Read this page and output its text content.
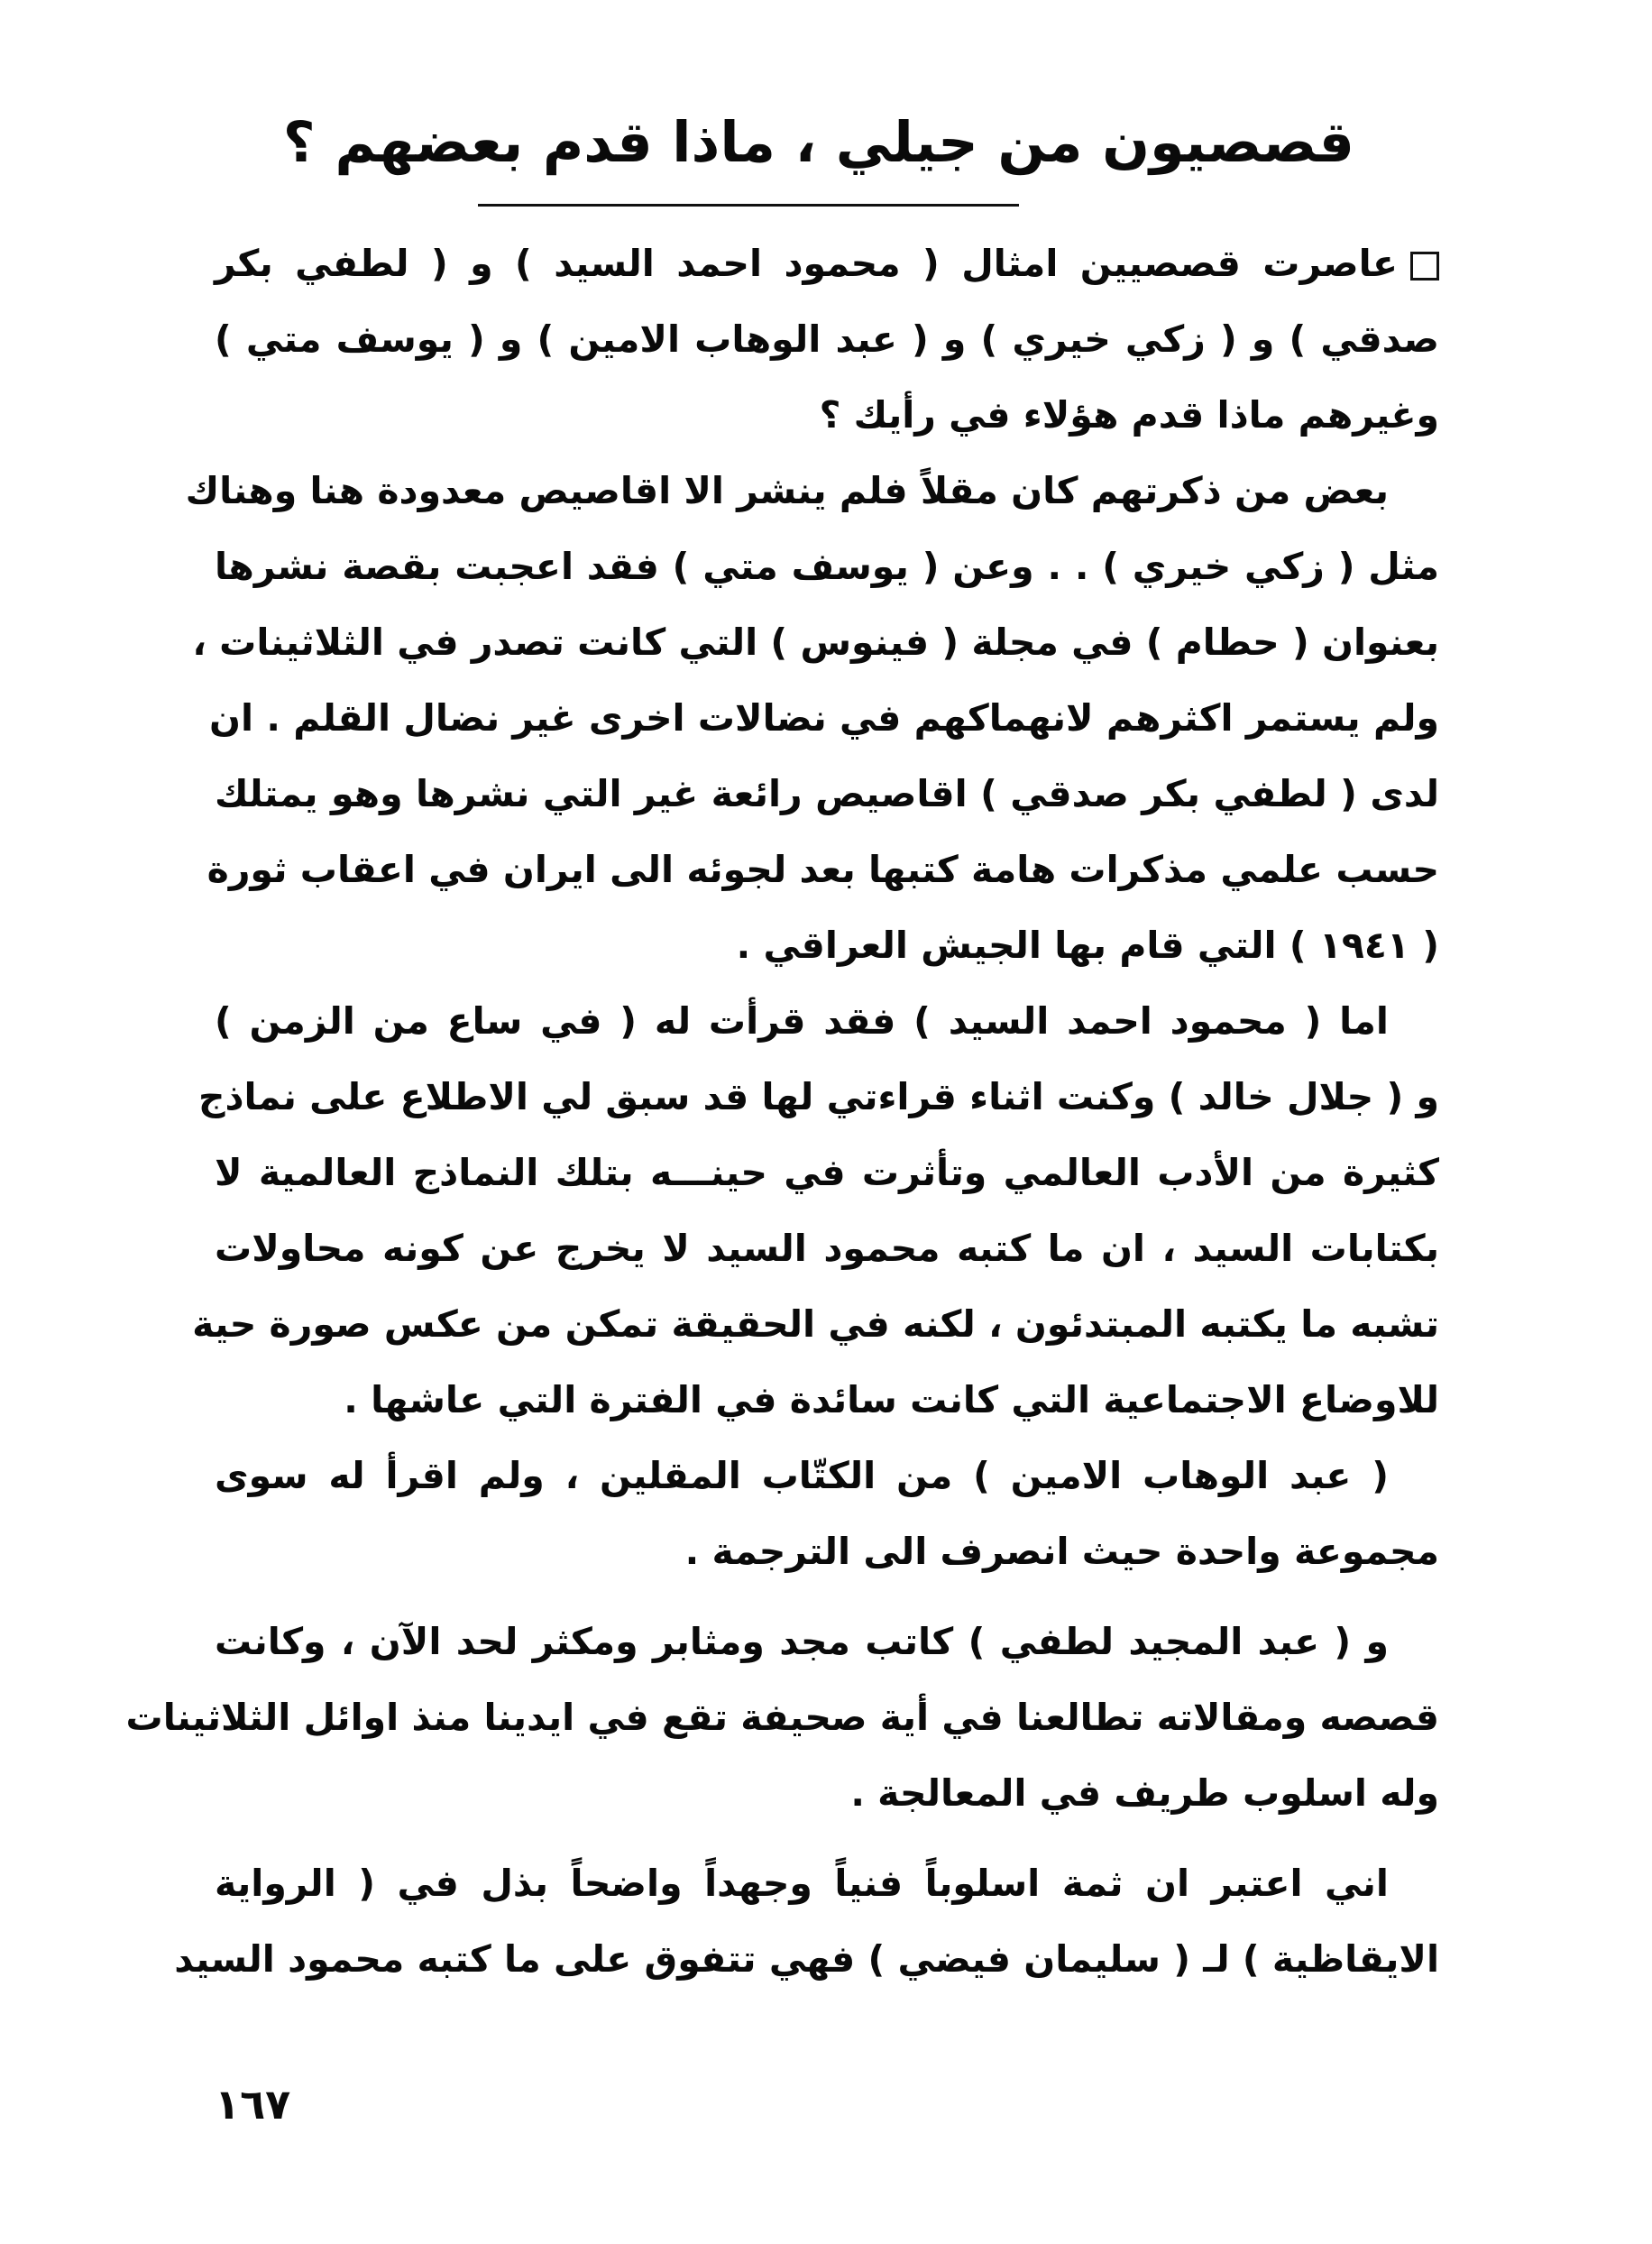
قصصيون من جيلي ، ماذا قدم بعضهم ؟
عاصرت قصصيين امثال ( محمود احمد السيد ) و ( لطفي بكر
صدقي ) و ( زكي خيري ) و ( عبد الوهاب الامين ) و ( يوسف متي )
وغيرهم ماذا قدم هؤلاء في رأيك ؟
بعض من ذكرتهم كان مقلاً فلم ينشر الا اقاصيص معدودة هنا وهناك
مثل ( زكي خيري ) . . وعن ( يوسف متي ) فقد اعجبت بقصة نشرها
بعنوان ( حطام ) في مجلة ( فينوس ) التي كانت تصدر في الثلاثينات ،
ولم يستمر اكثرهم لانهماكهم في نضالات اخرى غير نضال القلم . ان
لدى ( لطفي بكر صدقي ) اقاصيص رائعة غير التي نشرها وهو يمتلك
حسب علمي مذكرات هامة كتبها بعد لجوئه الى ايران في اعقاب ثورة
( ١٩٤١ ) التي قام بها الجيش العراقي .
اما ( محمود احمد السيد ) فقد قرأت له ( في ساع من الزمن )
و ( جلال خالد ) وكنت اثناء قراءتي لها قد سبق لي الاطلاع على نماذج
كثيرة من الأدب العالمي وتأثرت في حينـــه بتلك النماذج العالمية لا
بكتابات السيد ، ان ما كتبه محمود السيد لا يخرج عن كونه محاولات
تشبه ما يكتبه المبتدئون ، لكنه في الحقيقة تمكن من عكس صورة حية
للاوضاع الاجتماعية التي كانت سائدة في الفترة التي عاشها .
( عبد الوهاب الامين ) من الكتّاب المقلين ، ولم اقرأ له سوى
مجموعة واحدة حيث انصرف الى الترجمة .
و ( عبد المجيد لطفي ) كاتب مجد ومثابر ومكثر لحد الآن ، وكانت
قصصه ومقالاته تطالعنا في أية صحيفة تقع في ايدينا منذ اوائل الثلاثينات
وله اسلوب طريف في المعالجة .
اني اعتبر ان ثمة اسلوباً فنياً وجهداً واضحاً بذل في ( الرواية
الايقاظية ) لـ ( سليمان فيضي ) فهي تتفوق على ما كتبه محمود السيد
١٦٧
